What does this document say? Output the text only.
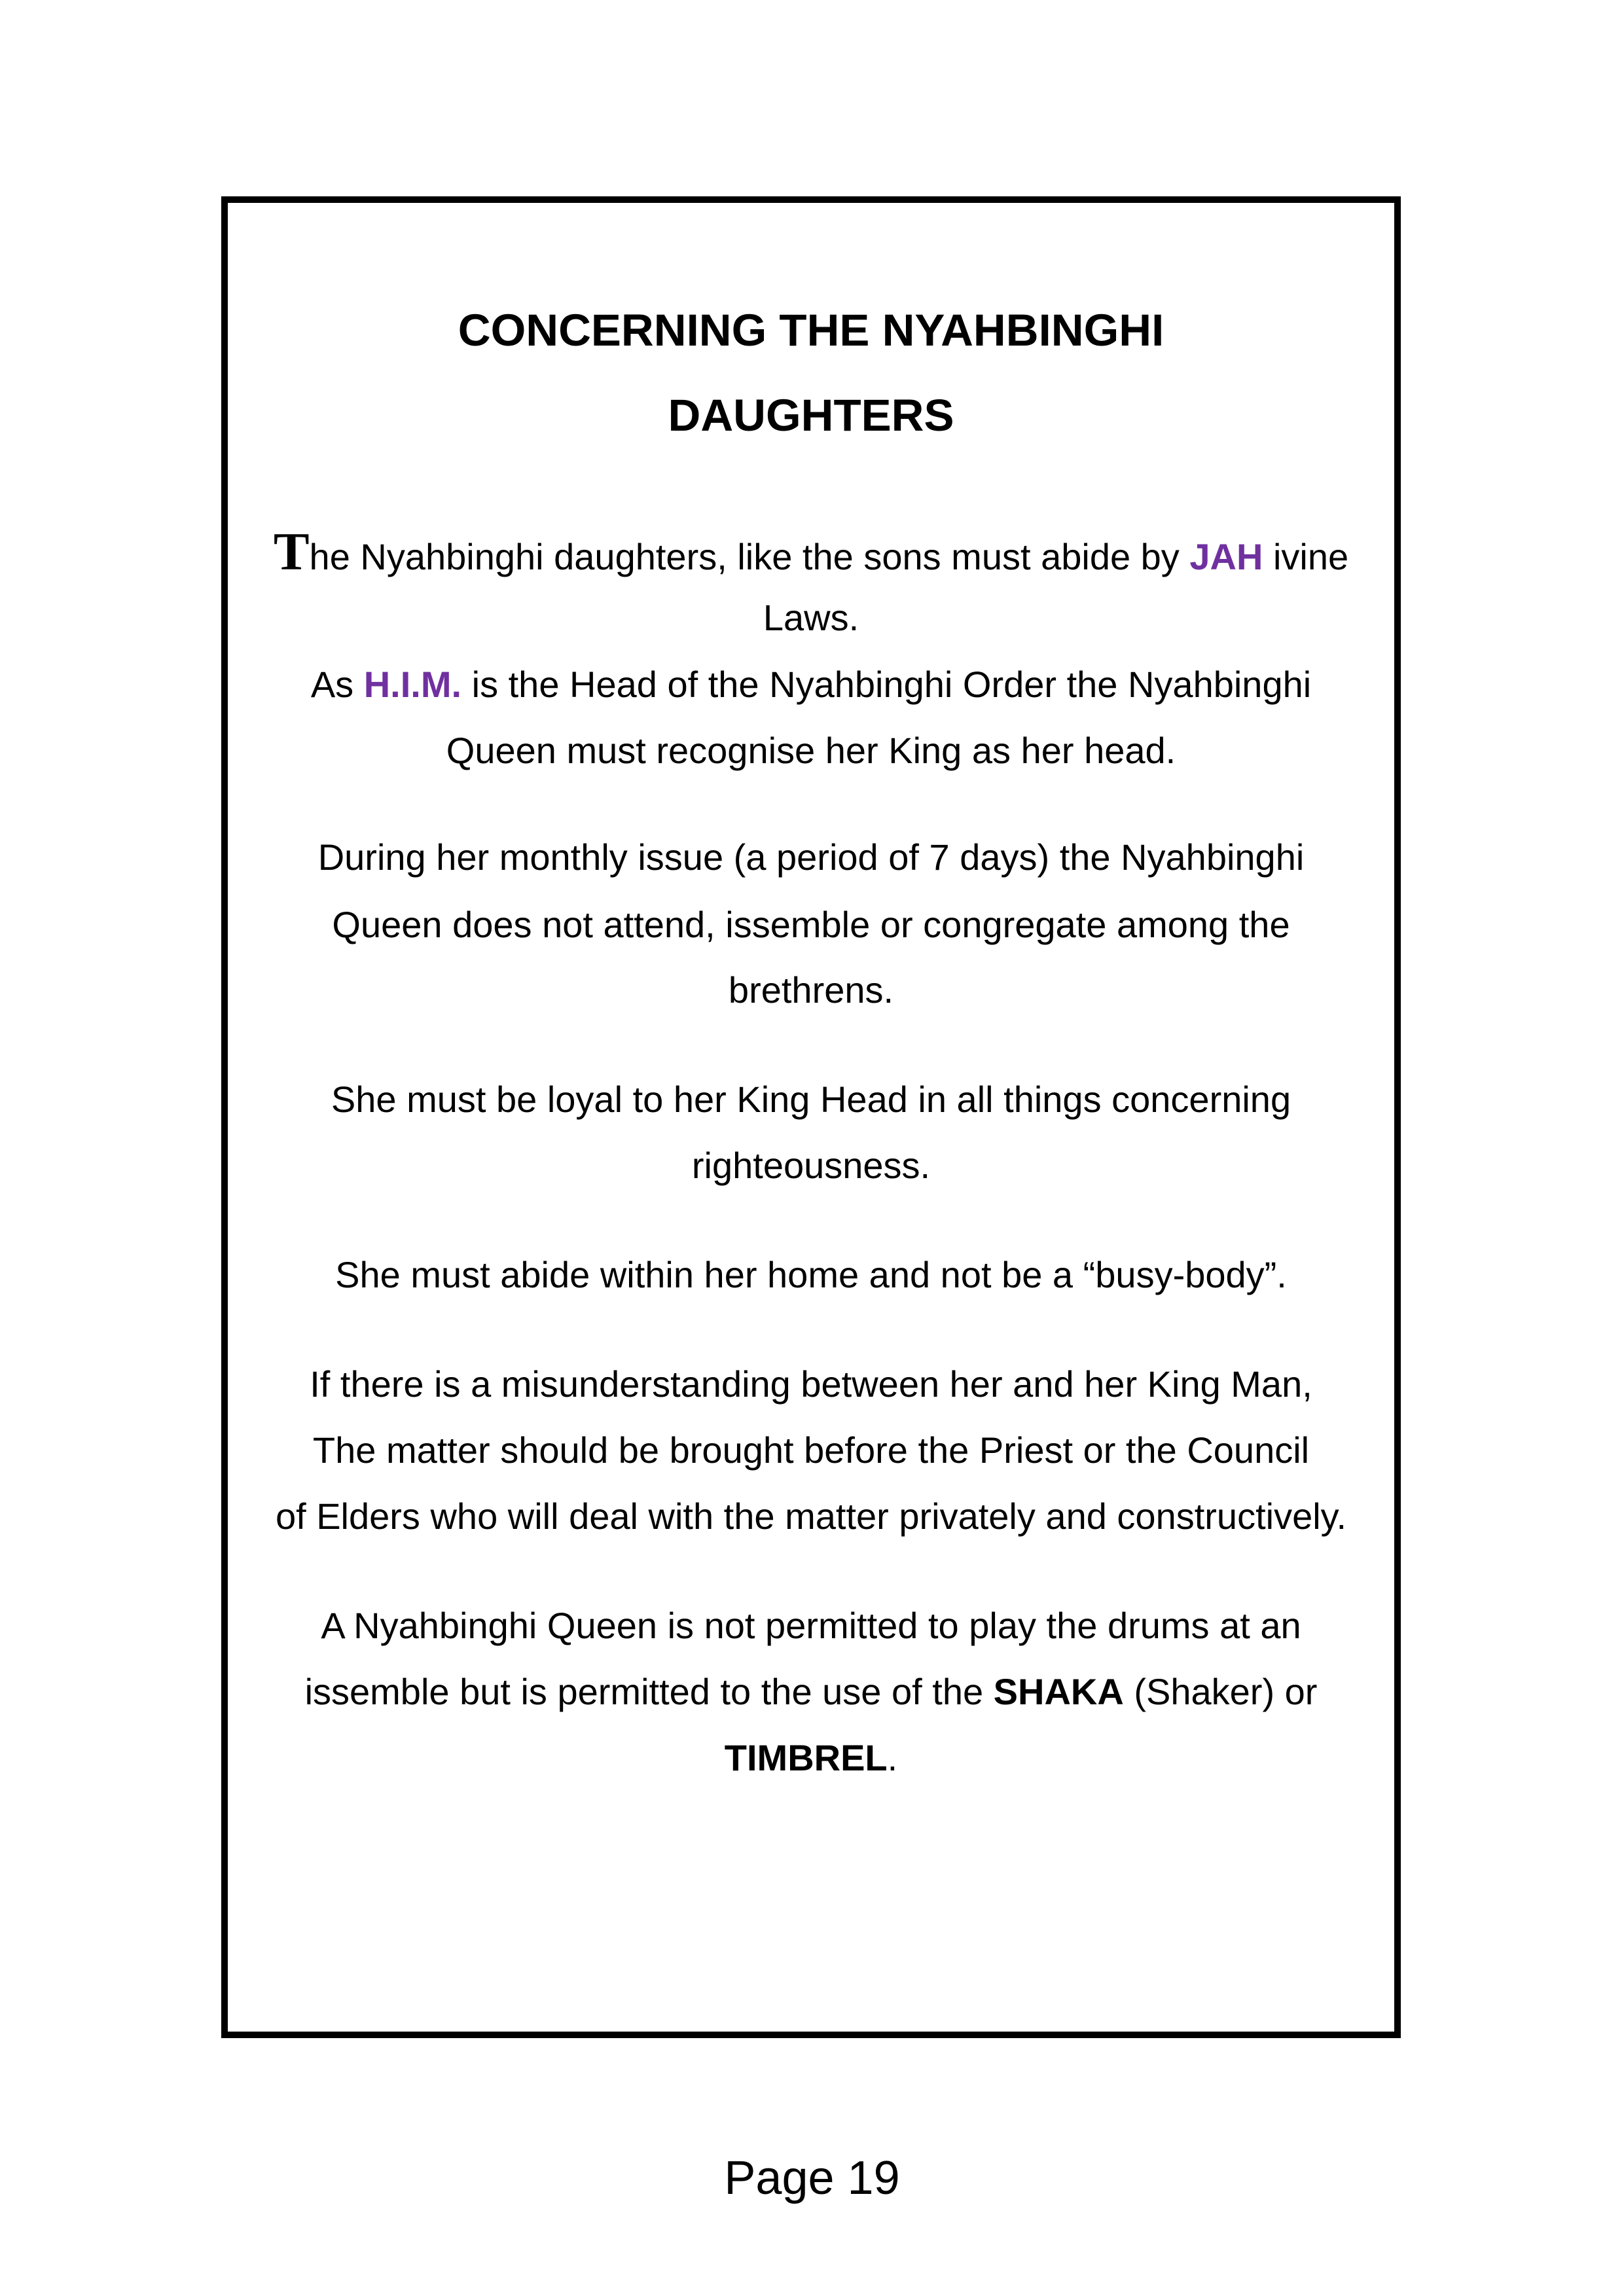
CONCERNING THE NYAHBINGHI
DAUGHTERS
The Nyahbinghi daughters, like the sons must abide by JAH ivine
Laws.
As H.I.M. is the Head of the Nyahbinghi Order the Nyahbinghi
Queen must recognise her King as her head.
During her monthly issue (a period of 7 days) the Nyahbinghi
Queen does not attend, issemble or congregate among the
brethrens.
She must be loyal to her King Head in all things concerning
righteousness.
She must abide within her home and not be a “busy-body”.
If there is a misunderstanding between her and her King Man,
The matter should be brought before the Priest or the Council
of Elders who will deal with the matter privately and constructively.
A Nyahbinghi Queen is not permitted to play the drums at an
issemble but is permitted to the use of the SHAKA (Shaker) or
TIMBREL.
Page 19
